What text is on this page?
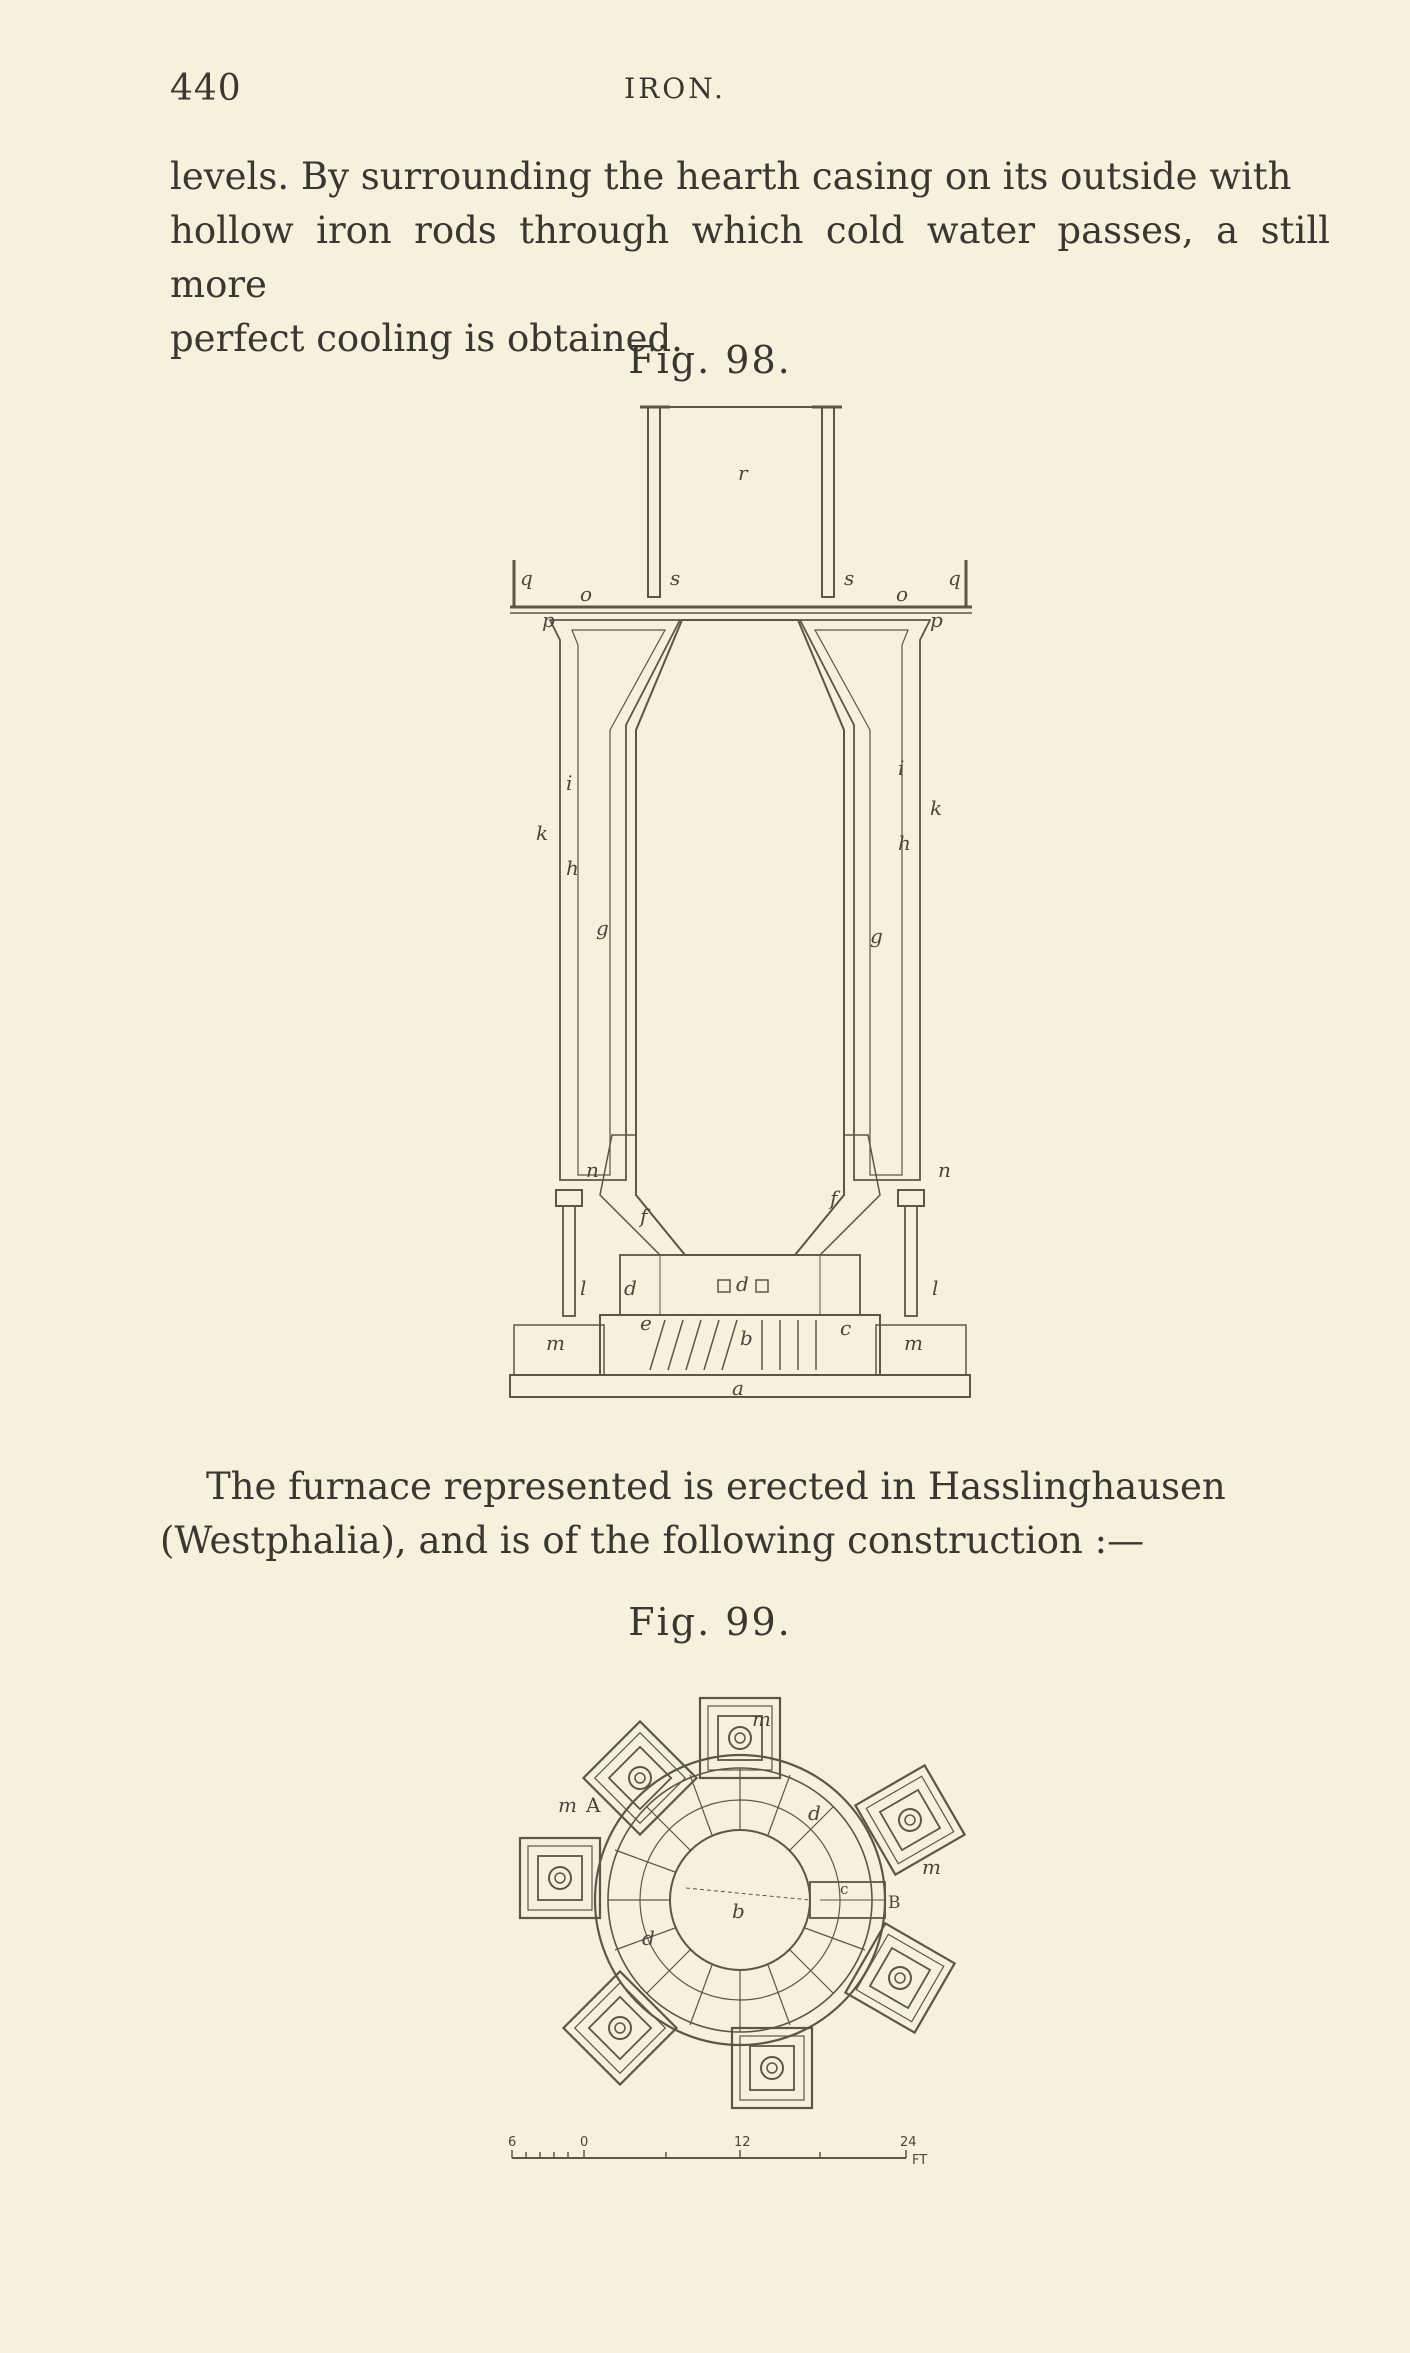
440	IRON.

levels. By surrounding the hearth casing on its outside with
hollow iron rods through which cold water passes, a still more
perfect cooling is obtained.

Fig. 98.
r
q	q
o	o
s	s
p	p
k
k
i
i
h
h
g	g
n	n
f
f
l	l
d	d
e
b
m	m
c
a

The furnace represented is erected in Hasslinghausen
(Westphalia), and is of the following construction :—

Fig. 99.
m A
m
m
d
d
b
c
B
6	0	12	24
FT
